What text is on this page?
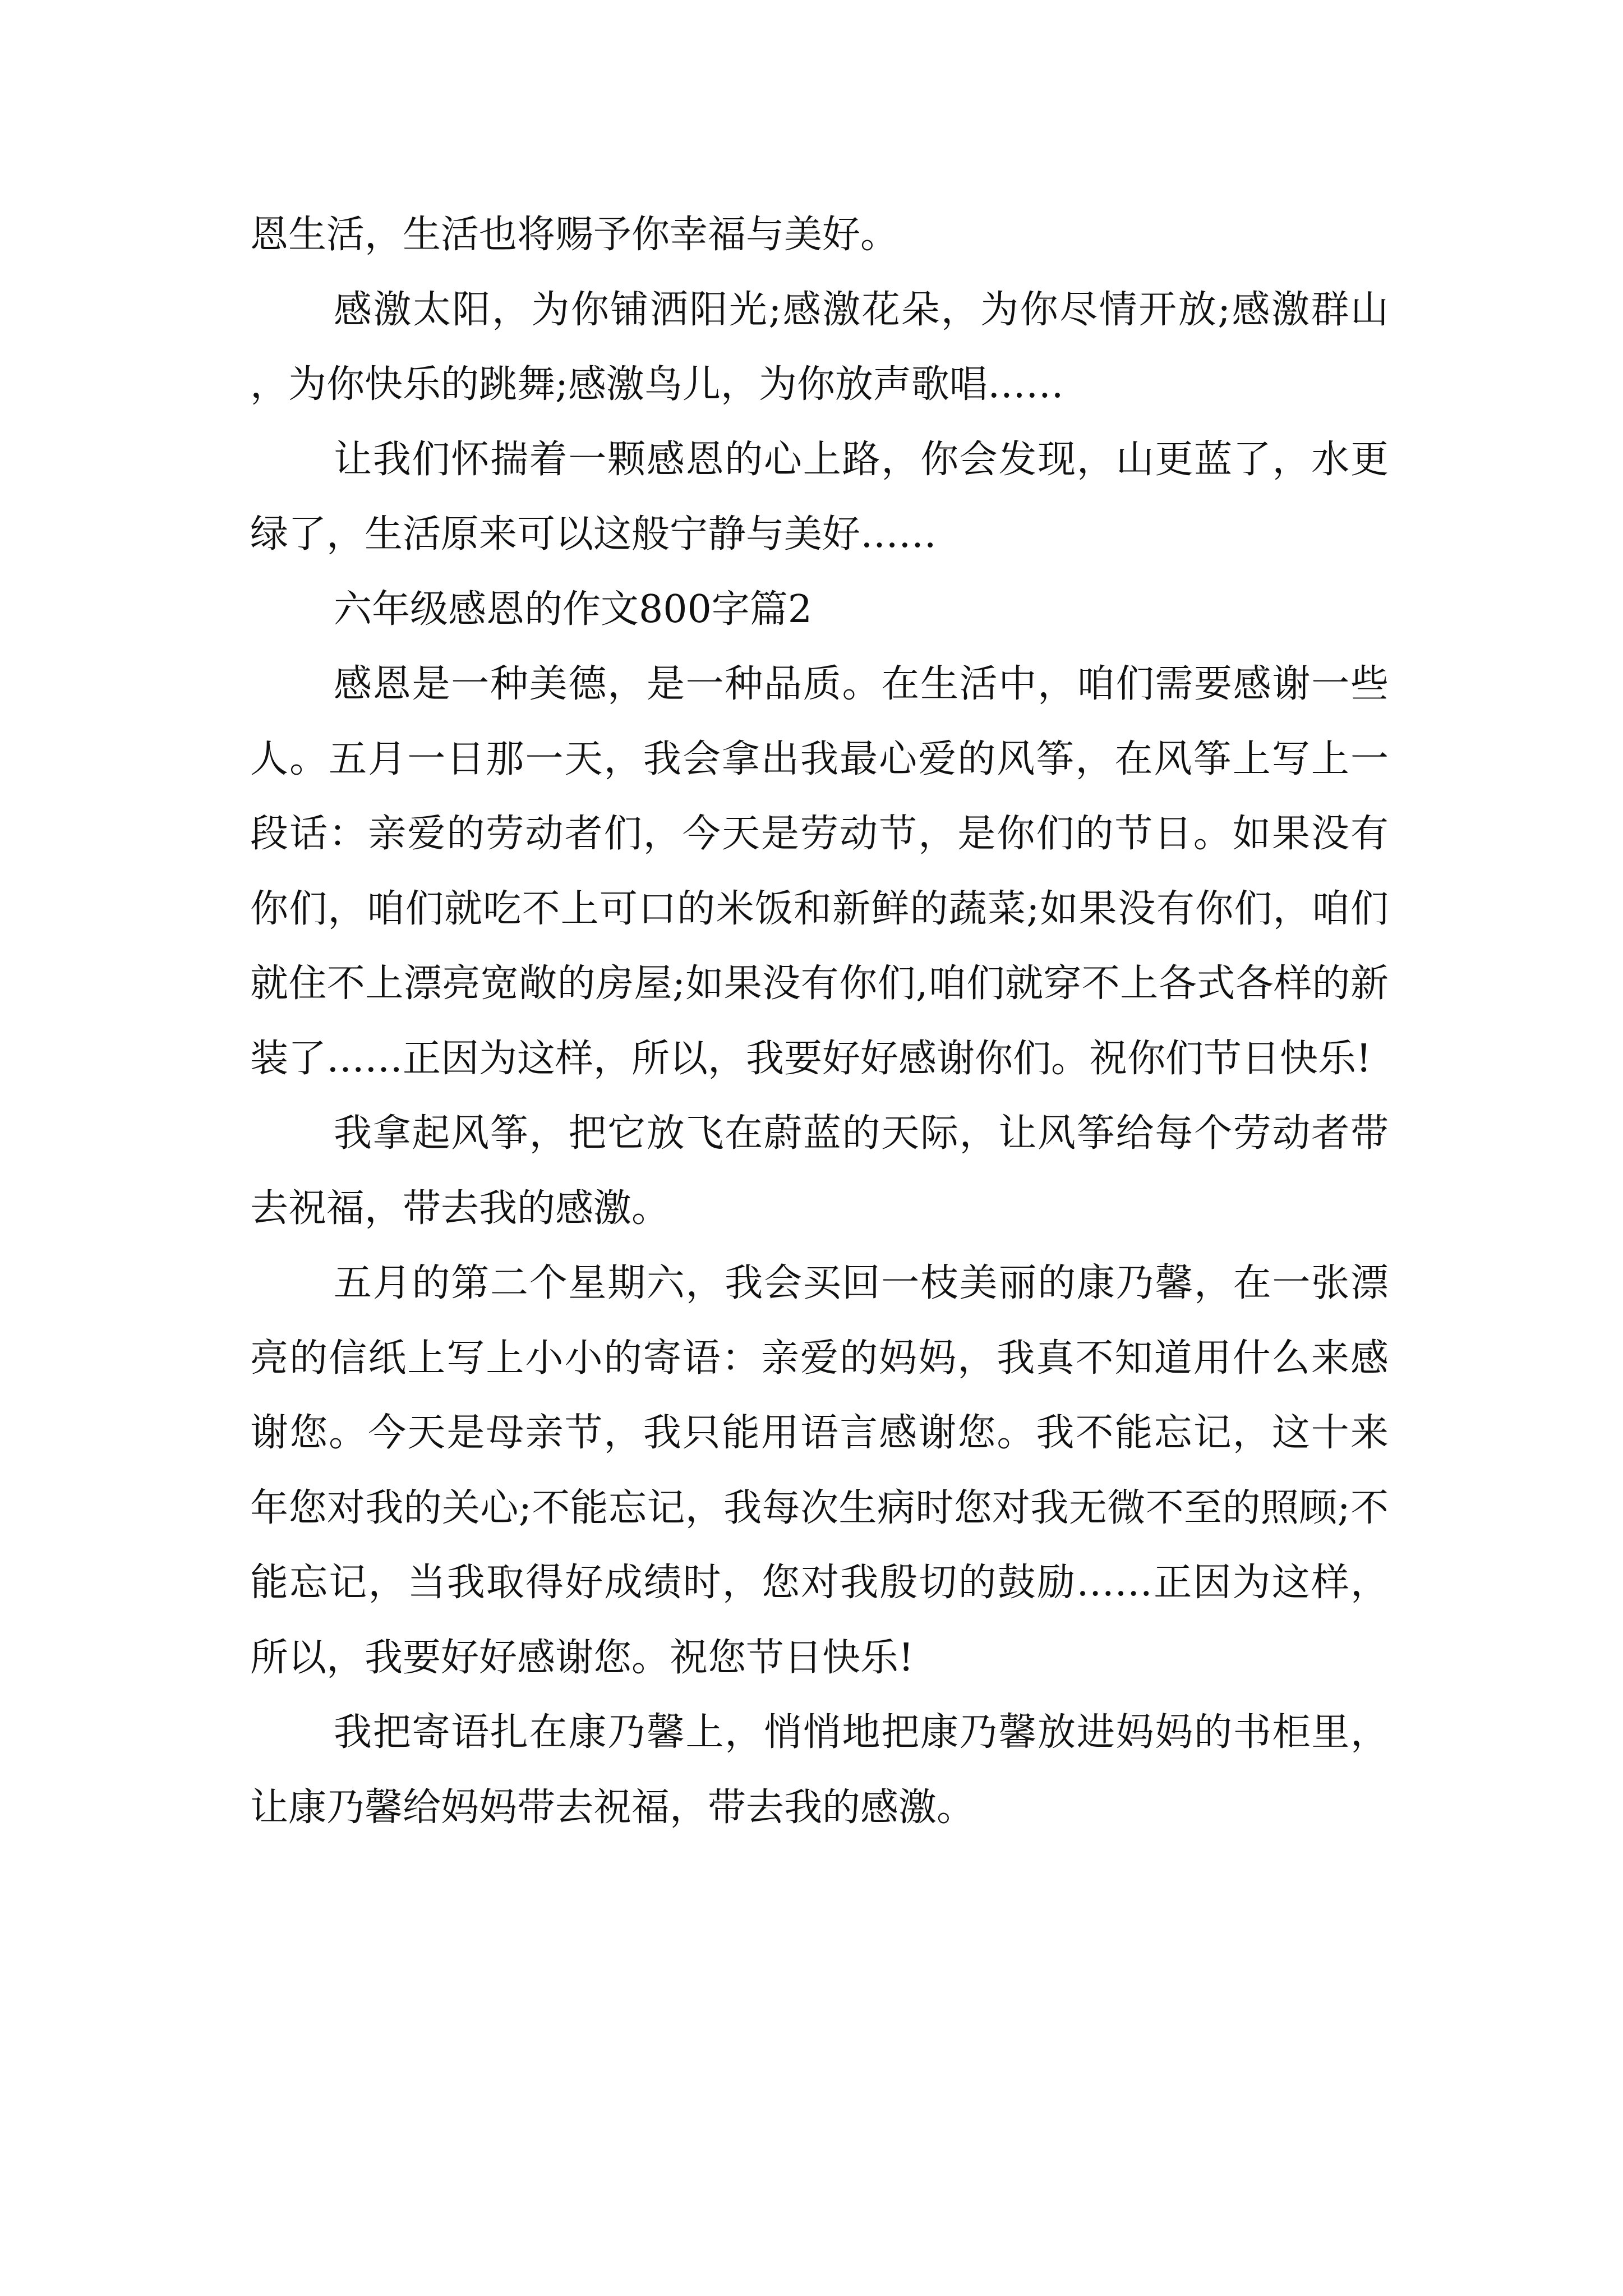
恩生活，生活也将赐予你幸福与美好。

感激太阳，为你铺洒阳光;感激花朵，为你尽情开放;感激群山，为你快乐的跳舞;感激鸟儿，为你放声歌唱……

让我们怀揣着一颗感恩的心上路，你会发现，山更蓝了，水更绿了，生活原来可以这般宁静与美好……

六年级感恩的作文800字篇2

感恩是一种美德，是一种品质。在生活中，咱们需要感谢一些人。五月一日那一天，我会拿出我最心爱的风筝，在风筝上写上一段话：亲爱的劳动者们，今天是劳动节，是你们的节日。如果没有你们，咱们就吃不上可口的米饭和新鲜的蔬菜;如果没有你们，咱们就住不上漂亮宽敞的房屋;如果没有你们,咱们就穿不上各式各样的新装了……正因为这样，所以，我要好好感谢你们。祝你们节日快乐!

我拿起风筝，把它放飞在蔚蓝的天际，让风筝给每个劳动者带去祝福，带去我的感激。

五月的第二个星期六，我会买回一枝美丽的康乃馨，在一张漂亮的信纸上写上小小的寄语：亲爱的妈妈，我真不知道用什么来感谢您。今天是母亲节，我只能用语言感谢您。我不能忘记，这十来年您对我的关心;不能忘记，我每次生病时您对我无微不至的照顾;不能忘记，当我取得好成绩时，您对我殷切的鼓励……正因为这样，所以，我要好好感谢您。祝您节日快乐!

我把寄语扎在康乃馨上，悄悄地把康乃馨放进妈妈的书柜里，让康乃馨给妈妈带去祝福，带去我的感激。
